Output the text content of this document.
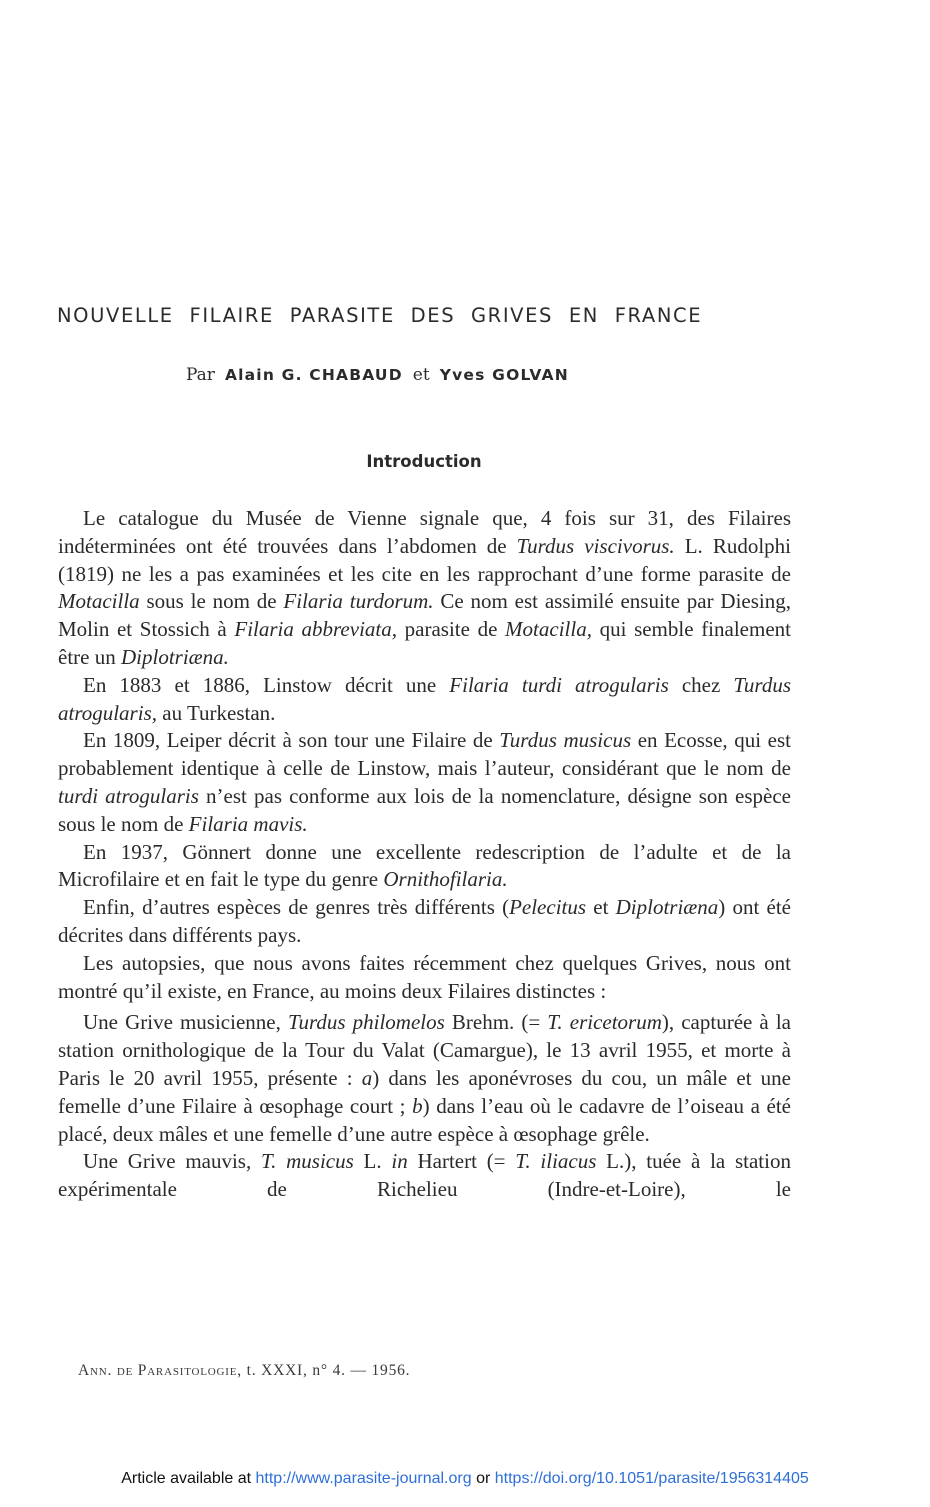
NOUVELLE FILAIRE PARASITE DES GRIVES EN FRANCE
Par Alain G. CHABAUD et Yves GOLVAN
Introduction

Le catalogue du Musée de Vienne signale que, 4 fois sur 31, des Filaires indéterminées ont été trouvées dans l’abdomen de Turdus viscivorus. L. Rudolphi (1819) ne les a pas examinées et les cite en les rapprochant d’une forme parasite de Motacilla sous le nom de Filaria turdorum. Ce nom est assimilé ensuite par Diesing, Molin et Stossich à Filaria abbreviata, parasite de Motacilla, qui semble finalement être un Diplotriæna.

En 1883 et 1886, Linstow décrit une Filaria turdi atrogularis chez Turdus atrogularis, au Turkestan.

En 1809, Leiper décrit à son tour une Filaire de Turdus musicus en Ecosse, qui est probablement identique à celle de Linstow, mais l’auteur, considérant que le nom de turdi atrogularis n’est pas conforme aux lois de la nomenclature, désigne son espèce sous le nom de Filaria mavis.

En 1937, Gönnert donne une excellente redescription de l’adulte et de la Microfilaire et en fait le type du genre Ornithofilaria.

Enfin, d’autres espèces de genres très différents (Pelecitus et Diplotriæna) ont été décrites dans différents pays.

Les autopsies, que nous avons faites récemment chez quelques Grives, nous ont montré qu’il existe, en France, au moins deux Filaires distinctes :

Une Grive musicienne, Turdus philomelos Brehm. (= T. ericetorum), capturée à la station ornithologique de la Tour du Valat (Camargue), le 13 avril 1955, et morte à Paris le 20 avril 1955, présente : a) dans les aponévroses du cou, un mâle et une femelle d’une Filaire à œsophage court ; b) dans l’eau où le cadavre de l’oiseau a été placé, deux mâles et une femelle d’une autre espèce à œsophage grêle.

Une Grive mauvis, T. musicus L. in Hartert (= T. iliacus L.), tuée à la station expérimentale de Richelieu (Indre-et-Loire), le

Ann. de Parasitologie, t. XXXI, n° 4. — 1956.
Article available at http://www.parasite-journal.org or https://doi.org/10.1051/parasite/1956314405
